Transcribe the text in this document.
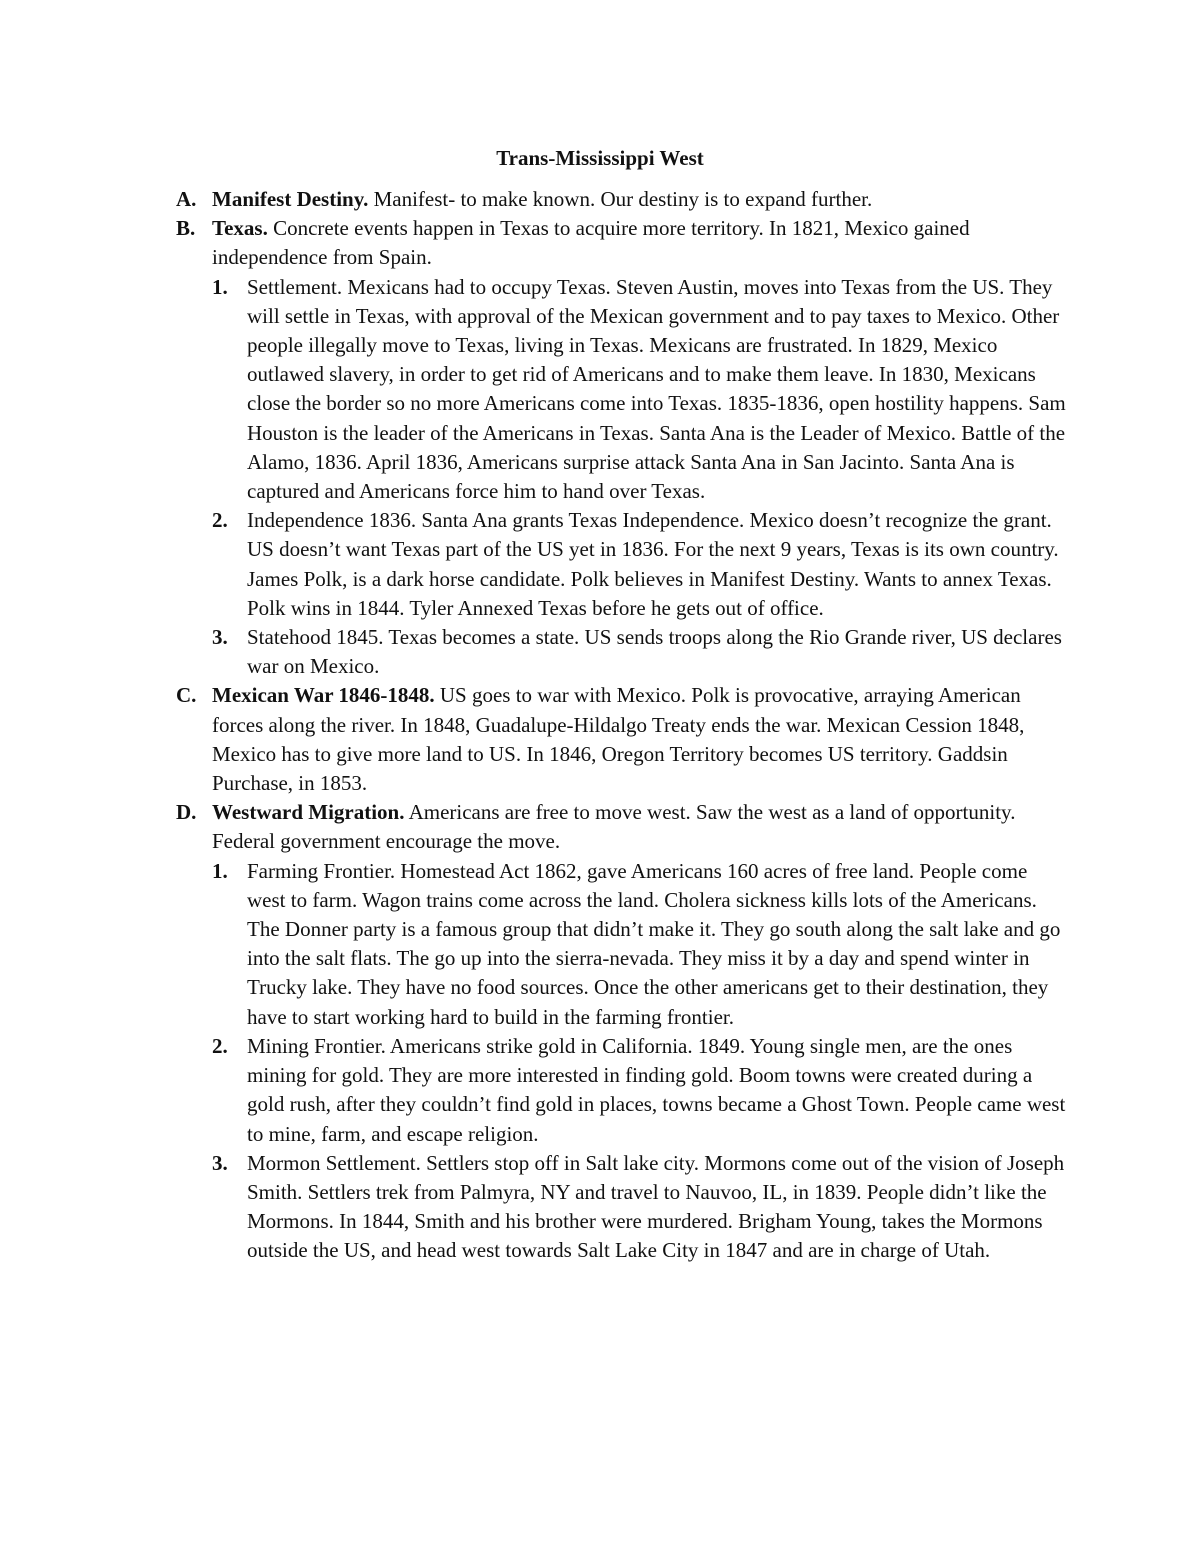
Trans-Mississippi West
A. Manifest Destiny. Manifest- to make known. Our destiny is to expand further.
B. Texas. Concrete events happen in Texas to acquire more territory. In 1821, Mexico gained independence from Spain.
1. Settlement. Mexicans had to occupy Texas. Steven Austin, moves into Texas from the US. They will settle in Texas, with approval of the Mexican government and to pay taxes to Mexico. Other people illegally move to Texas, living in Texas. Mexicans are frustrated. In 1829, Mexico outlawed slavery, in order to get rid of Americans and to make them leave. In 1830, Mexicans close the border so no more Americans come into Texas. 1835-1836, open hostility happens. Sam Houston is the leader of the Americans in Texas. Santa Ana is the Leader of Mexico. Battle of the Alamo, 1836. April 1836, Americans surprise attack Santa Ana in San Jacinto. Santa Ana is captured and Americans force him to hand over Texas.
2. Independence 1836. Santa Ana grants Texas Independence. Mexico doesn’t recognize the grant. US doesn’t want Texas part of the US yet in 1836. For the next 9 years, Texas is its own country. James Polk, is a dark horse candidate. Polk believes in Manifest Destiny. Wants to annex Texas. Polk wins in 1844. Tyler Annexed Texas before he gets out of office.
3. Statehood 1845. Texas becomes a state. US sends troops along the Rio Grande river, US declares war on Mexico.
C. Mexican War 1846-1848. US goes to war with Mexico. Polk is provocative, arraying American forces along the river. In 1848, Guadalupe-Hildalgo Treaty ends the war. Mexican Cession 1848, Mexico has to give more land to US. In 1846, Oregon Territory becomes US territory. Gaddsin Purchase, in 1853.
D. Westward Migration. Americans are free to move west. Saw the west as a land of opportunity. Federal government encourage the move.
1. Farming Frontier. Homestead Act 1862, gave Americans 160 acres of free land. People come west to farm. Wagon trains come across the land. Cholera sickness kills lots of the Americans. The Donner party is a famous group that didn’t make it. They go south along the salt lake and go into the salt flats. The go up into the sierra-nevada. They miss it by a day and spend winter in Trucky lake. They have no food sources. Once the other americans get to their destination, they have to start working hard to build in the farming frontier.
2. Mining Frontier. Americans strike gold in California. 1849. Young single men, are the ones mining for gold. They are more interested in finding gold. Boom towns were created during a gold rush, after they couldn’t find gold in places, towns became a Ghost Town. People came west to mine, farm, and escape religion.
3. Mormon Settlement. Settlers stop off in Salt lake city. Mormons come out of the vision of Joseph Smith. Settlers trek from Palmyra, NY and travel to Nauvoo, IL, in 1839. People didn’t like the Mormons. In 1844, Smith and his brother were murdered. Brigham Young, takes the Mormons outside the US, and head west towards Salt Lake City in 1847 and are in charge of Utah.
